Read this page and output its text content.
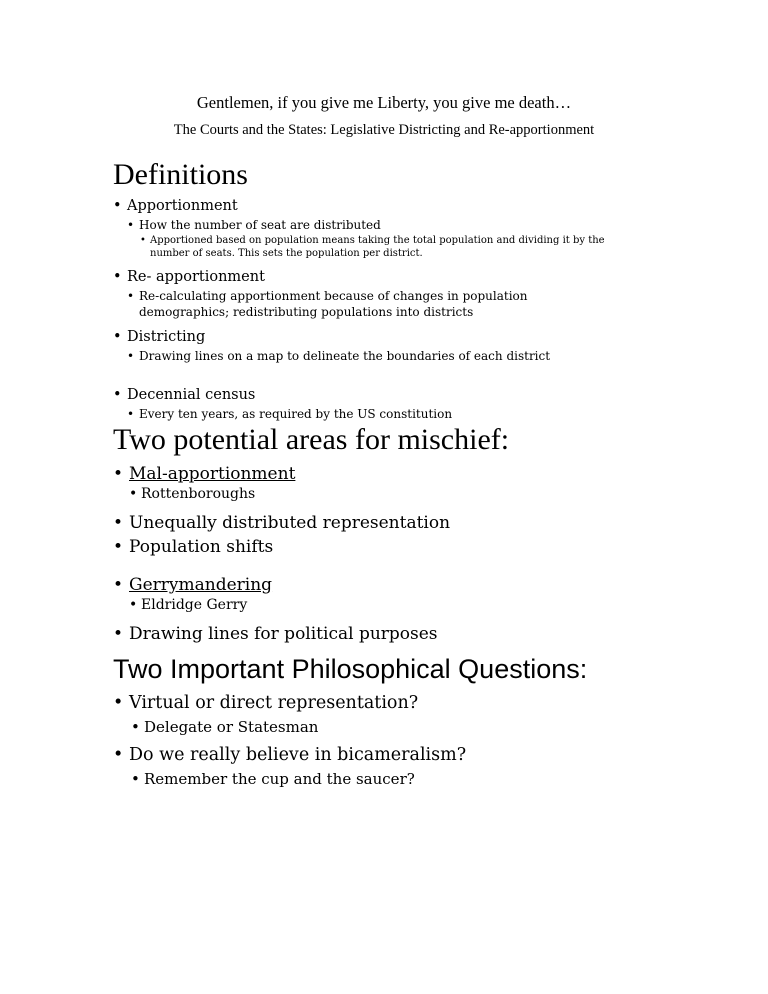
Gentlemen, if you give me Liberty, you give me death…

The Courts and the States: Legislative Districting and Re-apportionment

Definitions
• Apportionment
• How the number of seat are distributed
• Apportioned based on population means taking the total population and dividing it by the number of seats. This sets the population per district.
• Re- apportionment
• Re-calculating apportionment because of changes in population demographics; redistributing populations into districts
• Districting
• Drawing lines on a map to delineate the boundaries of each district
• Decennial census
• Every ten years, as required by the US constitution
Two potential areas for mischief:
• Mal-apportionment
• Rottenboroughs
• Unequally distributed representation
• Population shifts
• Gerrymandering
• Eldridge Gerry
• Drawing lines for political purposes
Two Important Philosophical Questions:
• Virtual or direct representation?
• Delegate or Statesman
• Do we really believe in bicameralism?
• Remember the cup and the saucer?
